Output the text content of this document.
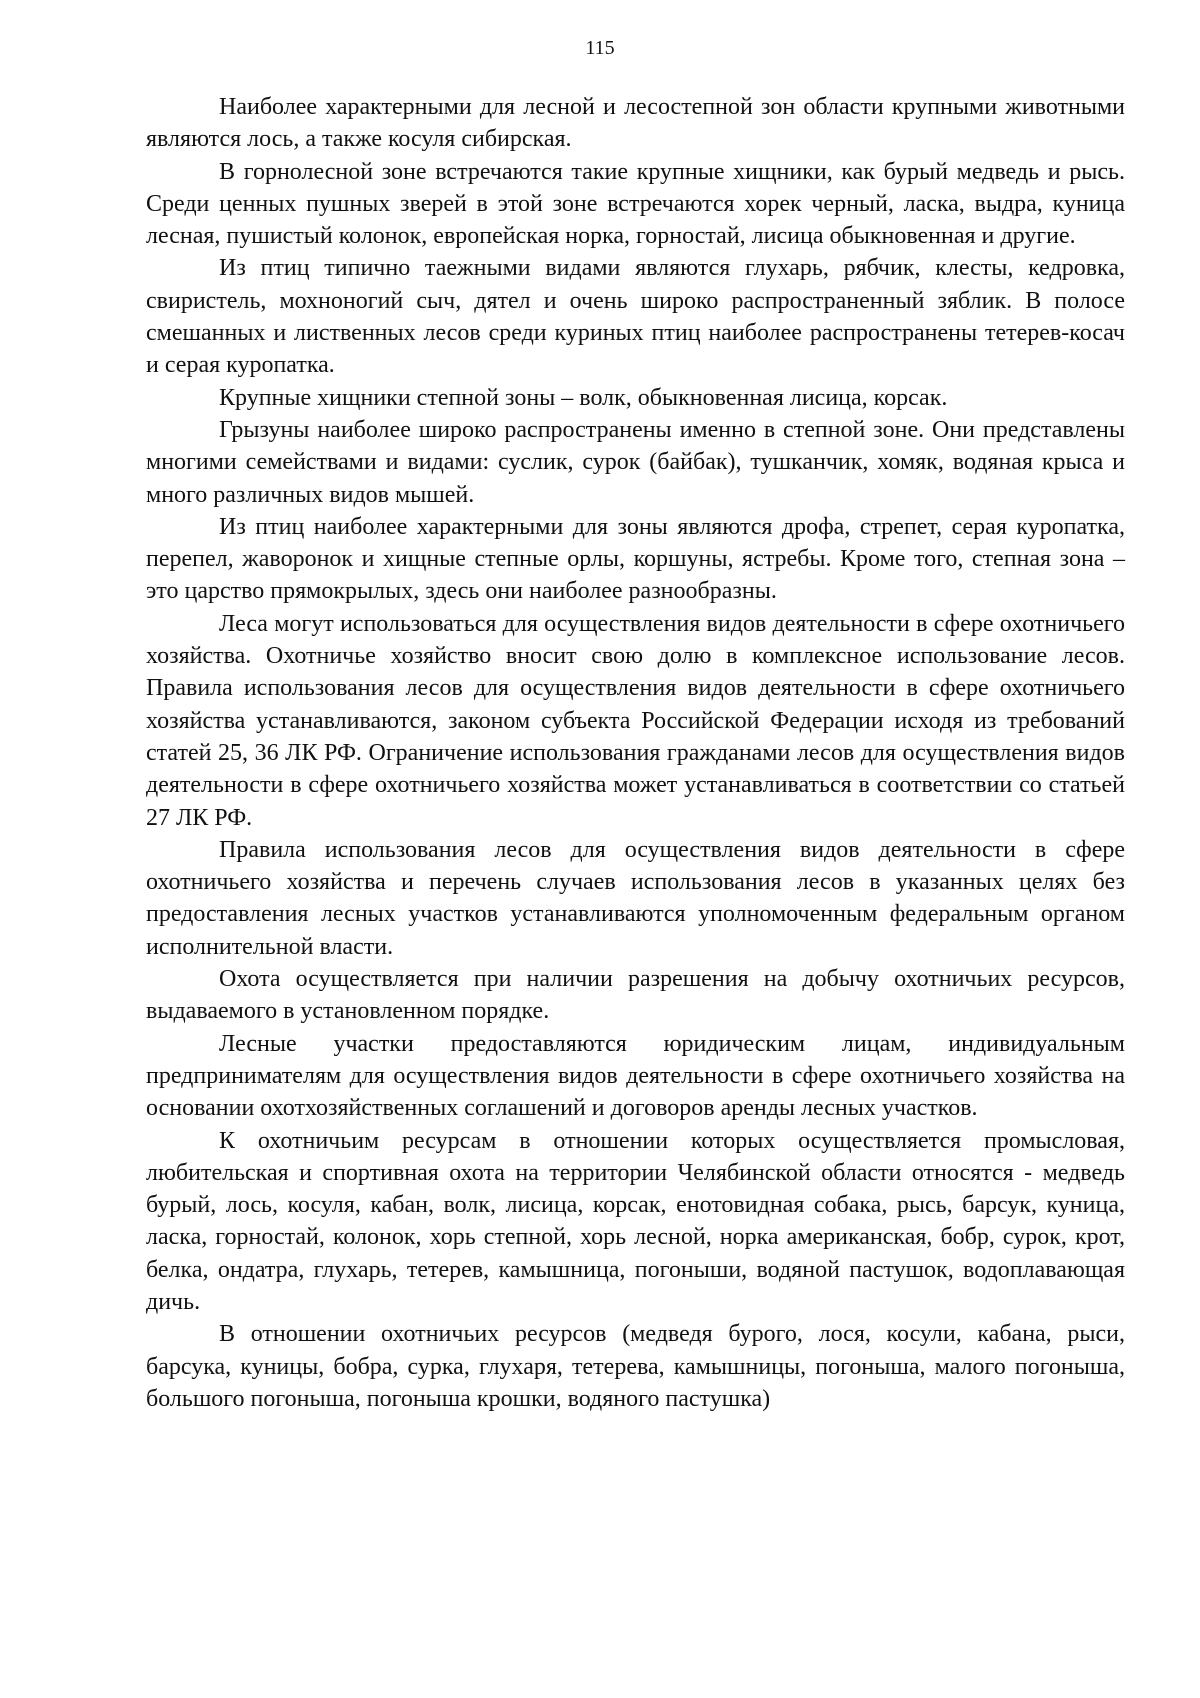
115

Наиболее характерными для лесной и лесостепной зон области крупными животными являются лось, а также косуля сибирская.

В горнолесной зоне встречаются такие крупные хищники, как бурый медведь и рысь. Среди ценных пушных зверей в этой зоне встречаются хорек черный, ласка, выдра, куница лесная, пушистый колонок, европейская норка, горностай, лисица обыкновенная и другие.

Из птиц типично таежными видами являются глухарь, рябчик, клесты, кедровка, свиристель, мохноногий сыч, дятел и очень широко распространенный зяблик. В полосе смешанных и лиственных лесов среди куриных птиц наиболее распространены тетерев-косач и серая куропатка.

Крупные хищники степной зоны – волк, обыкновенная лисица, корсак.

Грызуны наиболее широко распространены именно в степной зоне. Они представлены многими семействами и видами: суслик, сурок (байбак), тушканчик, хомяк, водяная крыса и много различных видов мышей.

Из птиц наиболее характерными для зоны являются дрофа, стрепет, серая куропатка, перепел, жаворонок и хищные степные орлы, коршуны, ястребы. Кроме того, степная зона – это царство прямокрылых, здесь они наиболее разнообразны.

Леса могут использоваться для осуществления видов деятельности в сфере охотничьего хозяйства. Охотничье хозяйство вносит свою долю в комплексное использование лесов. Правила использования лесов для осуществления видов деятельности в сфере охотничьего хозяйства устанавливаются, законом субъекта Российской Федерации исходя из требований статей 25, 36 ЛК РФ. Ограничение использования гражданами лесов для осуществления видов деятельности в сфере охотничьего хозяйства может устанавливаться в соответствии со статьей 27 ЛК РФ.

Правила использования лесов для осуществления видов деятельности в сфере охотничьего хозяйства и перечень случаев использования лесов в указанных целях без предоставления лесных участков устанавливаются уполномоченным федеральным органом исполнительной власти.

Охота осуществляется при наличии разрешения на добычу охотничьих ресурсов, выдаваемого в установленном порядке.

Лесные участки предоставляются юридическим лицам, индивидуальным предпринимателям для осуществления видов деятельности в сфере охотничьего хозяйства на основании охотхозяйственных соглашений и договоров аренды лесных участков.

К охотничьим ресурсам в отношении которых осуществляется промысловая, любительская и спортивная охота на территории Челябинской области относятся - медведь бурый, лось, косуля, кабан, волк, лисица, корсак, енотовидная собака, рысь, барсук, куница, ласка, горностай, колонок, хорь степной, хорь лесной, норка американская, бобр, сурок, крот, белка, ондатра, глухарь, тетерев, камышница, погоныши, водяной пастушок, водоплавающая дичь.

В отношении охотничьих ресурсов (медведя бурого, лося, косули, кабана, рыси, барсука, куницы, бобра, сурка, глухаря, тетерева, камышницы, погоныша, малого погоныша, большого погоныша, погоныша крошки, водяного пастушка)
